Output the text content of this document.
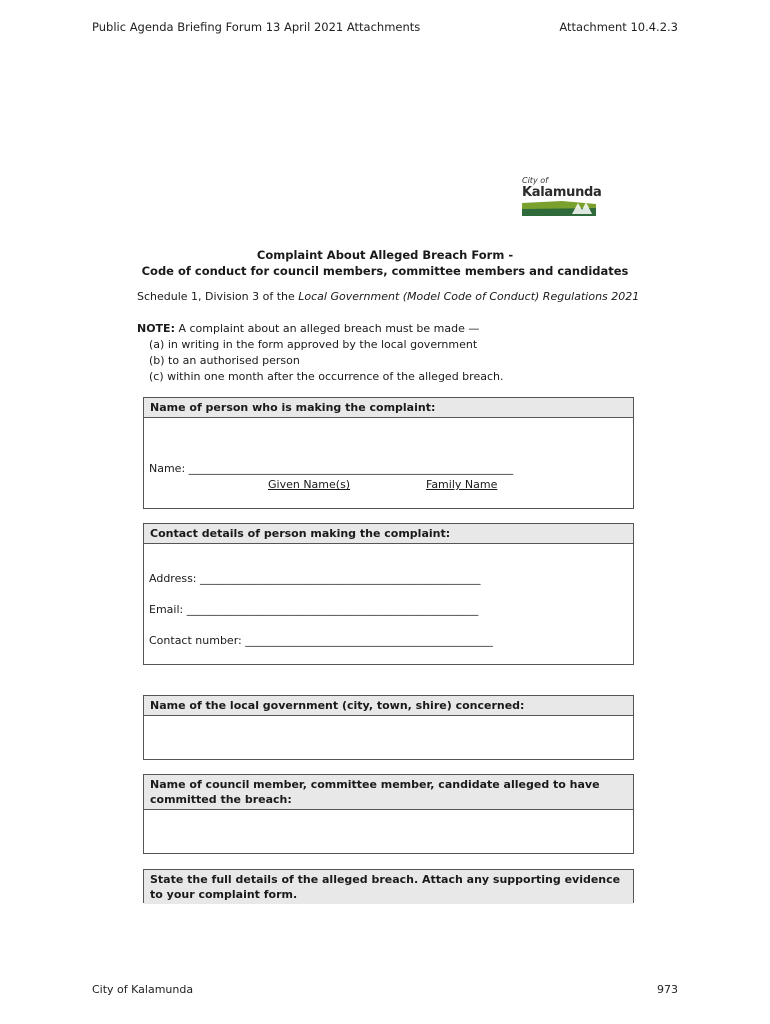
Public Agenda Briefing Forum 13 April 2021 Attachments	Attachment 10.4.2.3
City of
Kalamunda
Complaint About Alleged Breach Form -
Code of conduct for council members, committee members and candidates
Schedule 1, Division 3 of the Local Government (Model Code of Conduct) Regulations 2021
NOTE: A complaint about an alleged breach must be made —
(a) in writing in the form approved by the local government
(b) to an authorised person
(c) within one month after the occurrence of the alleged breach.
Name of person who is making the complaint:
Name: ___________________________________________________________
Given Name(s)	Family Name
Contact details of person making the complaint:
Address: ___________________________________________________
Email: _____________________________________________________
Contact number: _____________________________________________
Name of the local government (city, town, shire) concerned:
Name of council member, committee member, candidate alleged to have committed the breach:
State the full details of the alleged breach. Attach any supporting evidence to your complaint form.
City of Kalamunda	973
